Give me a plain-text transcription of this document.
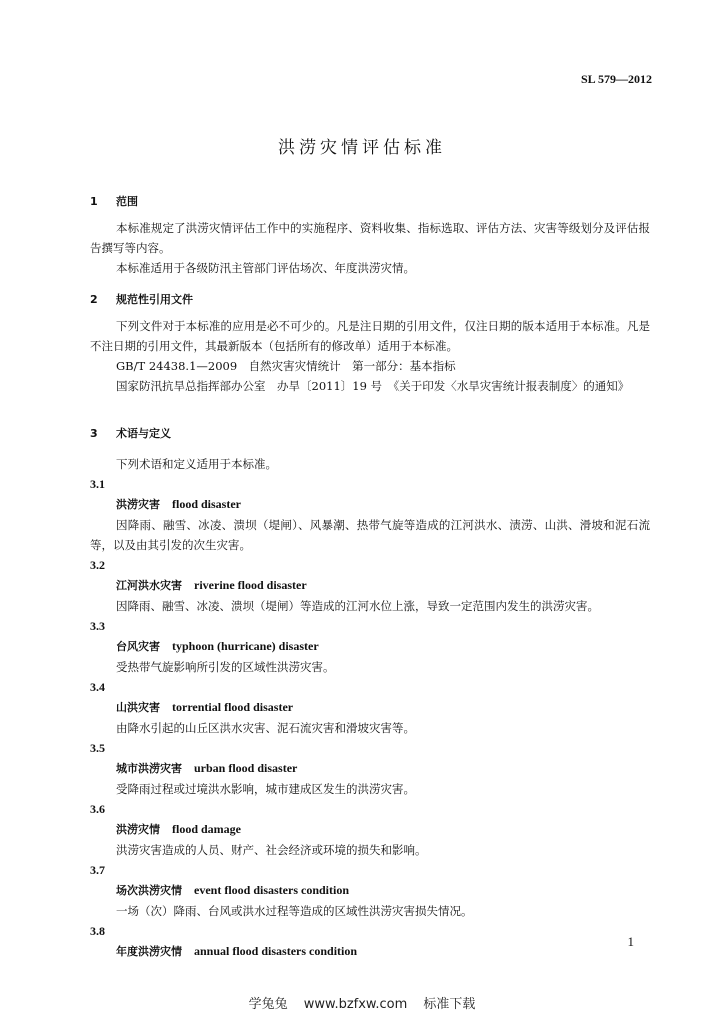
SL 579—2012
洪涝灾情评估标准
1 范围
本标准规定了洪涝灾情评估工作中的实施程序、资料收集、指标选取、评估方法、灾害等级划分及评估报告撰写等内容。
本标准适用于各级防汛主管部门评估场次、年度洪涝灾情。
2 规范性引用文件
下列文件对于本标准的应用是必不可少的。凡是注日期的引用文件，仅注日期的版本适用于本标准。凡是不注日期的引用文件，其最新版本（包括所有的修改单）适用于本标准。
GB/T 24438.1—2009　自然灾害灾情统计　第一部分：基本指标
国家防汛抗旱总指挥部办公室　办旱〔2011〕19 号　《关于印发〈水旱灾害统计报表制度〉的通知》
3 术语与定义
下列术语和定义适用于本标准。
3.1
洪涝灾害 flood disaster
因降雨、融雪、冰凌、溃坝（堤闸）、风暴潮、热带气旋等造成的江河洪水、渍涝、山洪、滑坡和泥石流等，以及由其引发的次生灾害。
3.2
江河洪水灾害 riverine flood disaster
因降雨、融雪、冰凌、溃坝（堤闸）等造成的江河水位上涨，导致一定范围内发生的洪涝灾害。
3.3
台风灾害 typhoon (hurricane) disaster
受热带气旋影响所引发的区域性洪涝灾害。
3.4
山洪灾害 torrential flood disaster
由降水引起的山丘区洪水灾害、泥石流灾害和滑坡灾害等。
3.5
城市洪涝灾害 urban flood disaster
受降雨过程或过境洪水影响，城市建成区发生的洪涝灾害。
3.6
洪涝灾情 flood damage
洪涝灾害造成的人员、财产、社会经济或环境的损失和影响。
3.7
场次洪涝灾情 event flood disasters condition
一场（次）降雨、台风或洪水过程等造成的区域性洪涝灾害损失情况。
3.8
年度洪涝灾情 annual flood disasters condition
1
学兔兔 www.bzfxw.com 标准下载
